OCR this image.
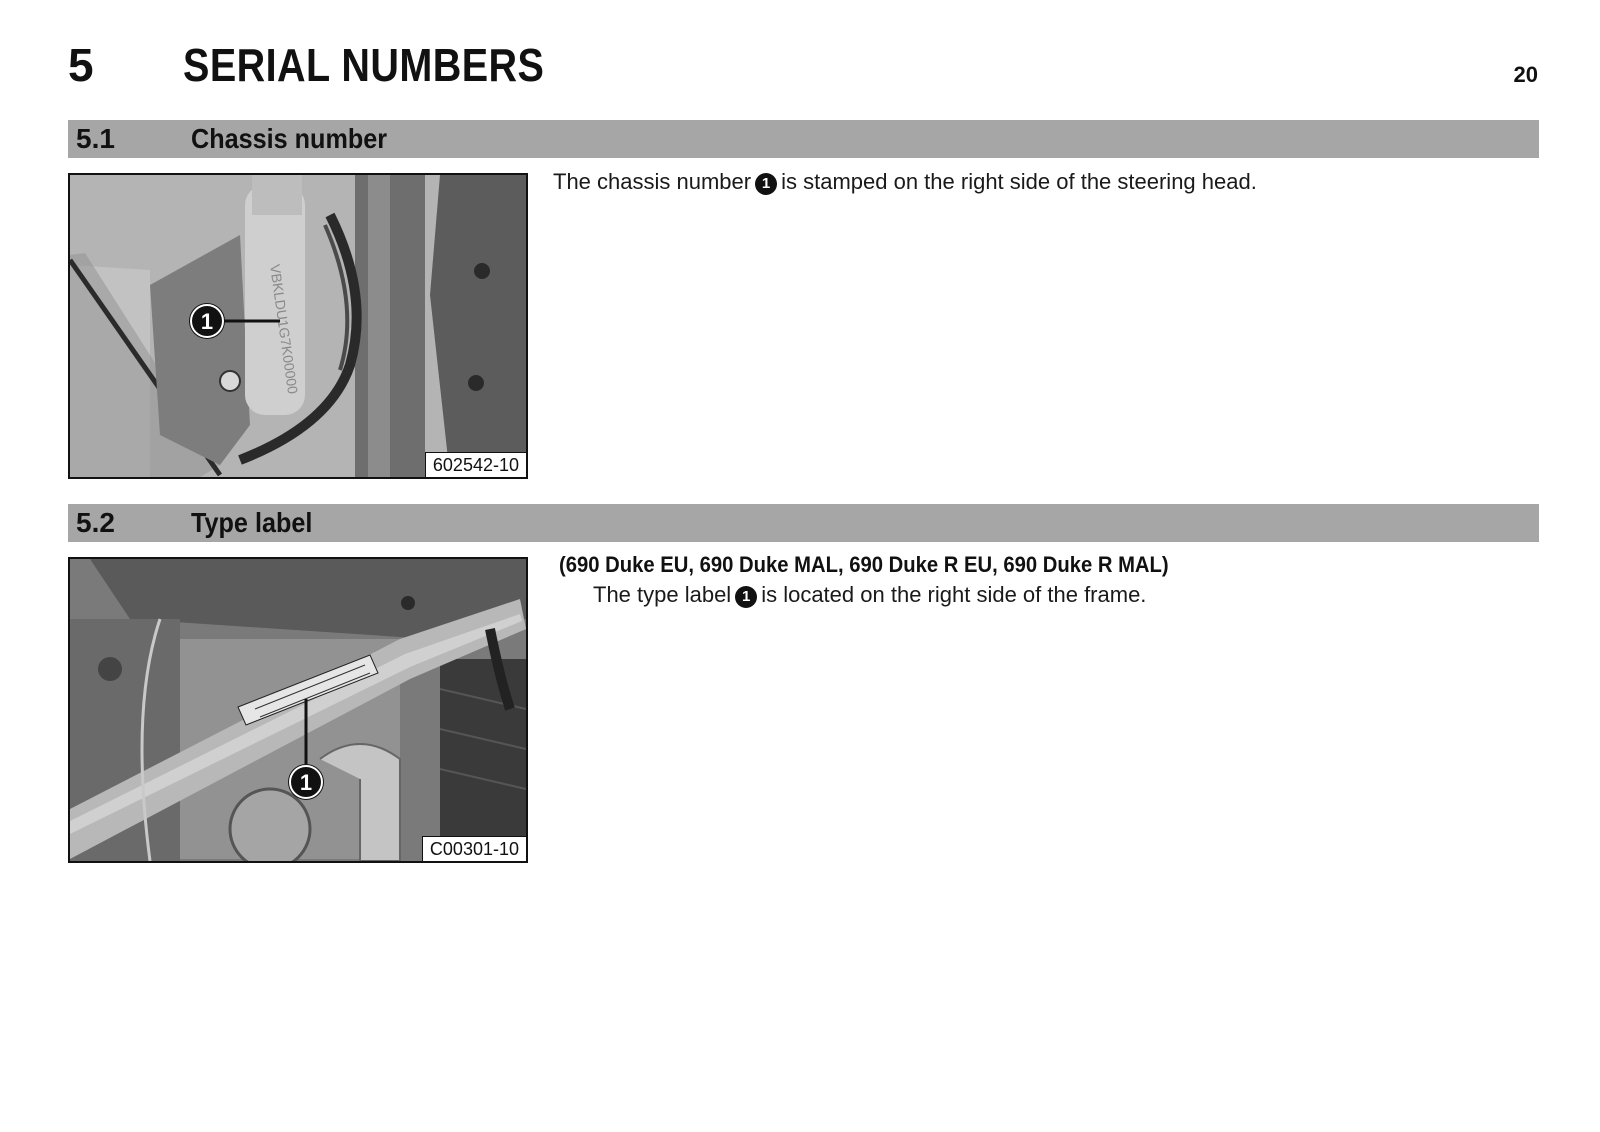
5 SERIAL NUMBERS	20
5.1	Chassis number
VBKLDU1G7K00000
1
602542-10
The chassis number 1 is stamped on the right side of the steering head.
5.2	Type label
1
C00301-10
(690 Duke EU, 690 Duke MAL, 690 Duke R EU, 690 Duke R MAL)
The type label 1 is located on the right side of the frame.
